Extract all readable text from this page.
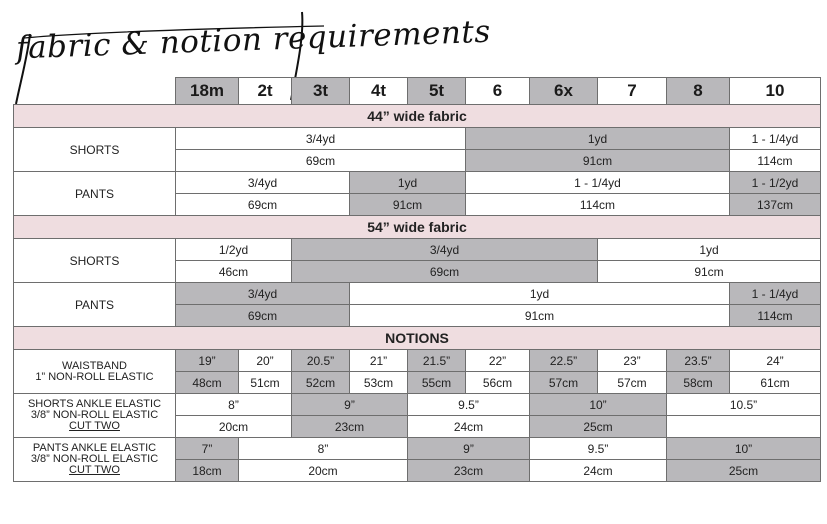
fabric & notion requirements
	18m	2t	3t	4t	5t	6	6x	7	8	10
44” wide fabric										

SHORTS	3/4yd					1yd				1 - 1/4yd
	69cm					91cm				114cm

PANTS	3/4yd			1yd		1 - 1/4yd				1 - 1/2yd
	69cm			91cm		114cm				137cm
54” wide fabric										

SHORTS	1/2yd		3/4yd					1yd		
	46cm		69cm					91cm		

PANTS	3/4yd			1yd						1 - 1/4yd
	69cm			91cm						114cm
NOTIONS										

WAISTBAND
1” NON-ROLL ELASTIC	19”	20”	20.5”	21”	21.5”	22”	22.5”	23”	23.5”	24”
	48cm	51cm	52cm	53cm	55cm	56cm	57cm	57cm	58cm	61cm

SHORTS ANKLE ELASTIC
3/8” NON-ROLL ELASTIC
CUT TWO	8”		9”		9.5”		10”		10.5”	
	20cm		23cm		24cm		25cm			

PANTS ANKLE ELASTIC
3/8” NON-ROLL ELASTIC
CUT TWO	7”	8”			9”		9.5”		10”	
	18cm	20cm			23cm		24cm		25cm	
